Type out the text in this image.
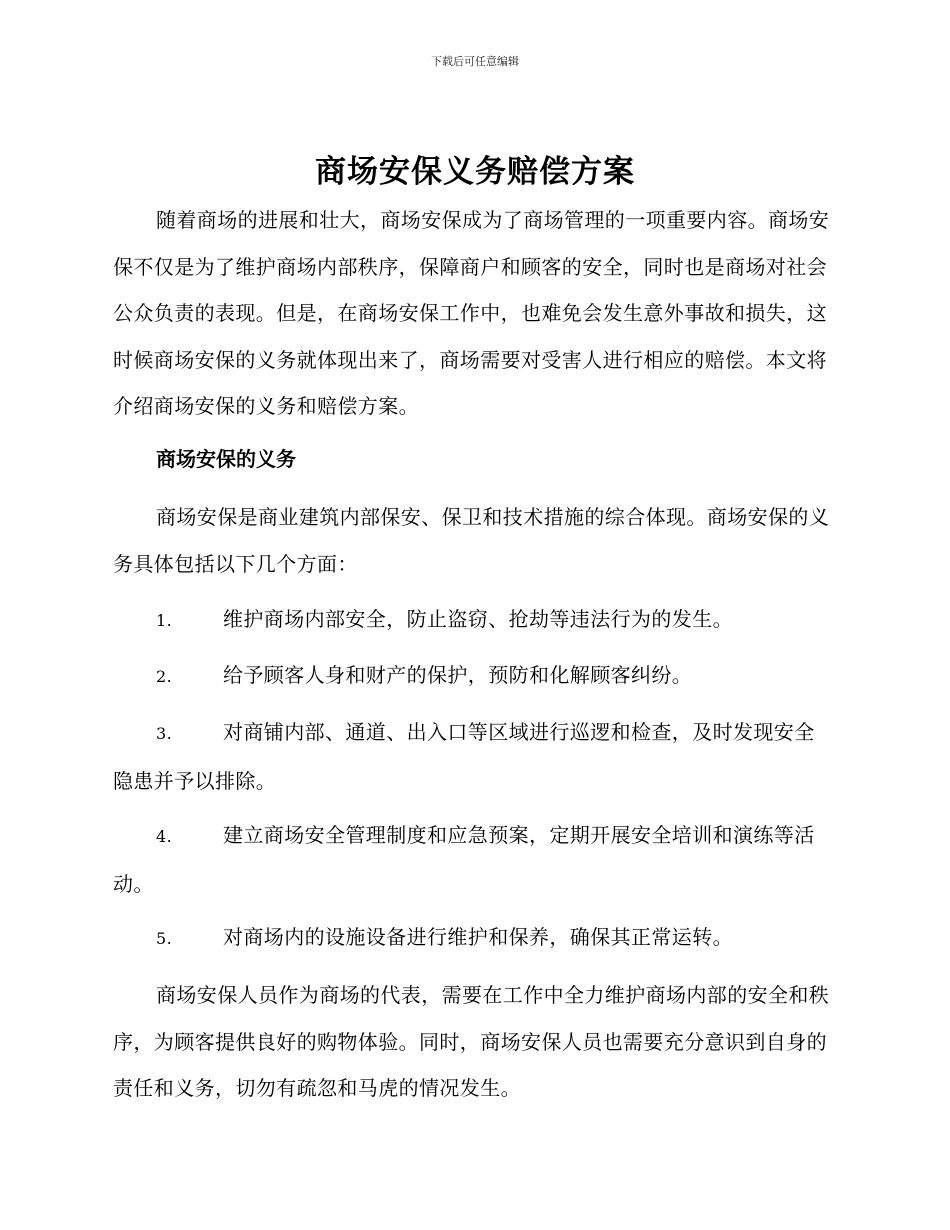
下载后可任意编辑
商场安保义务赔偿方案

随着商场的进展和壮大，商场安保成为了商场管理的一项重要内容。商场安保不仅是为了维护商场内部秩序，保障商户和顾客的安全，同时也是商场对社会公众负责的表现。但是，在商场安保工作中，也难免会发生意外事故和损失，这时候商场安保的义务就体现出来了，商场需要对受害人进行相应的赔偿。本文将介绍商场安保的义务和赔偿方案。

商场安保的义务

商场安保是商业建筑内部保安、保卫和技术措施的综合体现。商场安保的义务具体包括以下几个方面：

1.	维护商场内部安全，防止盗窃、抢劫等违法行为的发生。
2.	给予顾客人身和财产的保护，预防和化解顾客纠纷。
3.	对商铺内部、通道、出入口等区域进行巡逻和检查，及时发现安全隐患并予以排除。
4.	建立商场安全管理制度和应急预案，定期开展安全培训和演练等活动。
5.	对商场内的设施设备进行维护和保养，确保其正常运转。

商场安保人员作为商场的代表，需要在工作中全力维护商场内部的安全和秩序，为顾客提供良好的购物体验。同时，商场安保人员也需要充分意识到自身的责任和义务，切勿有疏忽和马虎的情况发生。
